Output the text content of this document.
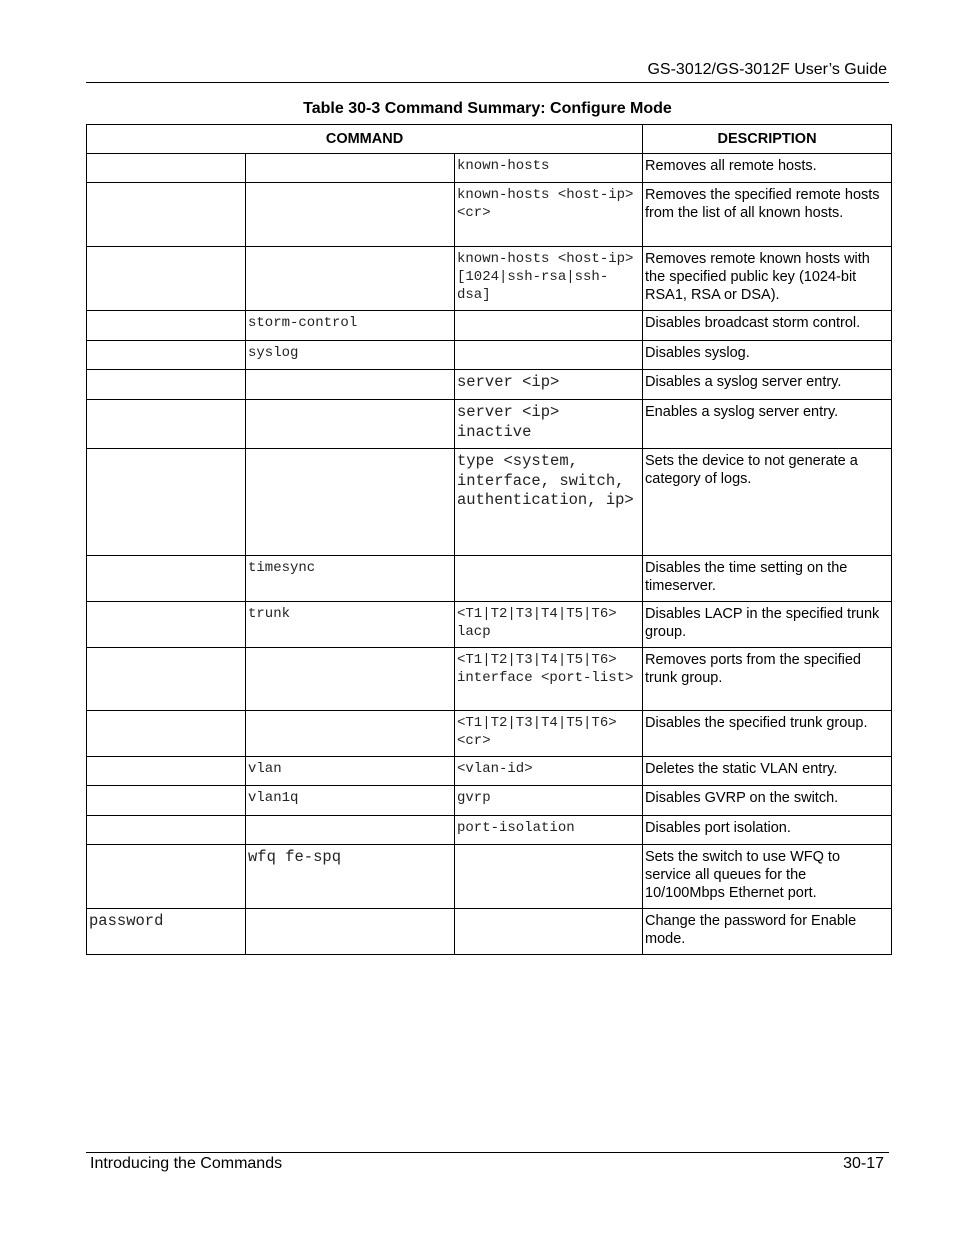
GS-3012/GS-3012F User’s Guide
Table 30-3 Command Summary: Configure Mode
COMMAND			DESCRIPTION
		known-hosts	Removes all remote hosts.
		known-hosts <host-ip> <cr>	Removes the specified remote hosts from the list of all known hosts.
		known-hosts <host-ip> [1024|ssh-rsa|ssh-dsa]	Removes remote known hosts with the specified public key (1024-bit RSA1, RSA or DSA).
	storm-control		Disables broadcast storm control.
	syslog		Disables syslog.
		server <ip>	Disables a syslog server entry.
		server <ip> inactive	Enables a syslog server entry.
		type <system, interface, switch, authentication, ip>	Sets the device to not generate a category of logs.
	timesync		Disables the time setting on the timeserver.
	trunk	<T1|T2|T3|T4|T5|T6> lacp	Disables LACP in the specified trunk group.
		<T1|T2|T3|T4|T5|T6> interface <port-list>	Removes ports from the specified trunk group.
		<T1|T2|T3|T4|T5|T6> <cr>	Disables the specified trunk group.
	vlan	<vlan-id>	Deletes the static VLAN entry.
	vlan1q	gvrp	Disables GVRP on the switch.
		port-isolation	Disables port isolation.
	wfq fe-spq		Sets the switch to use WFQ to service all queues for the 10/100Mbps Ethernet port.
password			Change the password for Enable mode.
Introducing the Commands	30-17
